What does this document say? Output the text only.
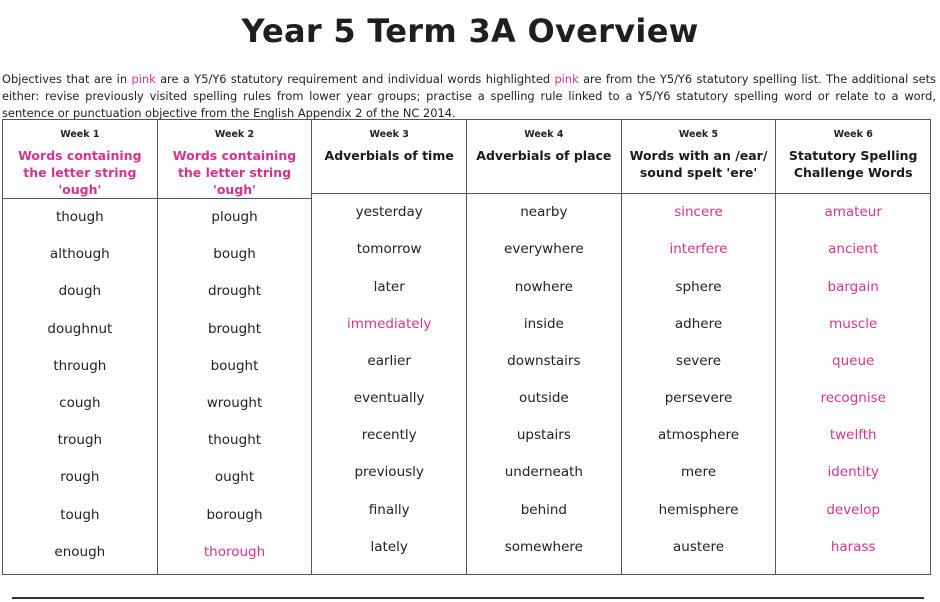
Year 5 Term 3A Overview

Objectives that are in pink are a Y5/Y6 statutory requirement and individual words highlighted pink are from the Y5/Y6 statutory spelling list. The additional sets either: revise previously visited spelling rules from lower year groups; practise a spelling rule linked to a Y5/Y6 statutory spelling word or relate to a word, sentence or punctuation objective from the English Appendix 2 of the NC 2014.

Week 1
Words containing the letter string 'ough'
though
although
dough
doughnut
through
cough
trough
rough
tough
enough
Week 2
Words containing the letter string 'ough'
plough
bough
drought
brought
bought
wrought
thought
ought
borough
thorough
Week 3
Adverbials of time
yesterday
tomorrow
later
immediately
earlier
eventually
recently
previously
finally
lately
Week 4
Adverbials of place
nearby
everywhere
nowhere
inside
downstairs
outside
upstairs
underneath
behind
somewhere
Week 5
Words with an /ear/ sound spelt 'ere'
sincere
interfere
sphere
adhere
severe
persevere
atmosphere
mere
hemisphere
austere
Week 6
Statutory Spelling Challenge Words
amateur
ancient
bargain
muscle
queue
recognise
twelfth
identity
develop
harass
